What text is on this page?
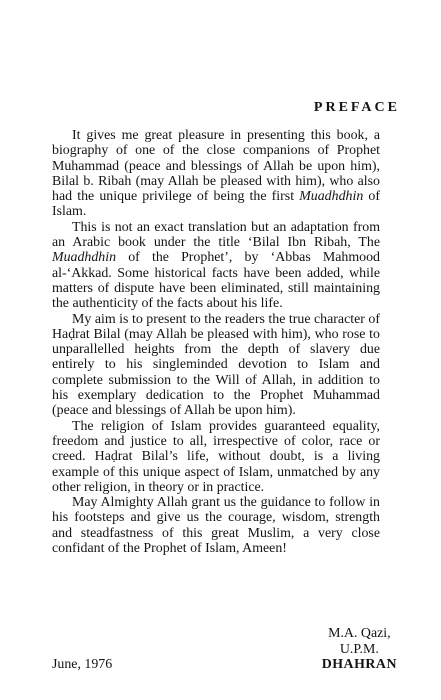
PREFACE

It gives me great pleasure in presenting this book, a biography of one of the close companions of Prophet Muhammad (peace and blessings of Allah be upon him), Bilal b. Ribah (may Allah be pleased with him), who also had the unique privilege of being the first Muadhdhin of Islam.

This is not an exact translation but an adaptation from an Arabic book under the title ‘Bilal Ibn Ribah, The Muadhdhin of the Prophet’, by ‘Abbas Mahmood al-‘Akkad. Some historical facts have been added, while matters of dispute have been eliminated, still maintaining the authenticity of the facts about his life.

My aim is to present to the readers the true character of Haḍrat Bilal (may Allah be pleased with him), who rose to unparallelled heights from the depth of slavery due entirely to his singleminded devotion to Islam and complete submission to the Will of Allah, in addition to his exemplary dedication to the Prophet Muhammad (peace and blessings of Allah be upon him).

The religion of Islam provides guaranteed equality, freedom and justice to all, irrespective of color, race or creed. Haḍrat Bilal’s life, without doubt, is a living example of this unique aspect of Islam, unmatched by any other religion, in theory or in practice.

May Almighty Allah grant us the guidance to follow in his footsteps and give us the courage, wisdom, strength and steadfastness of this great Muslim, a very close confidant of the Prophet of Islam, Ameen!

M.A. Qazi,
U.P.M.
DHAHRAN
June, 1976
